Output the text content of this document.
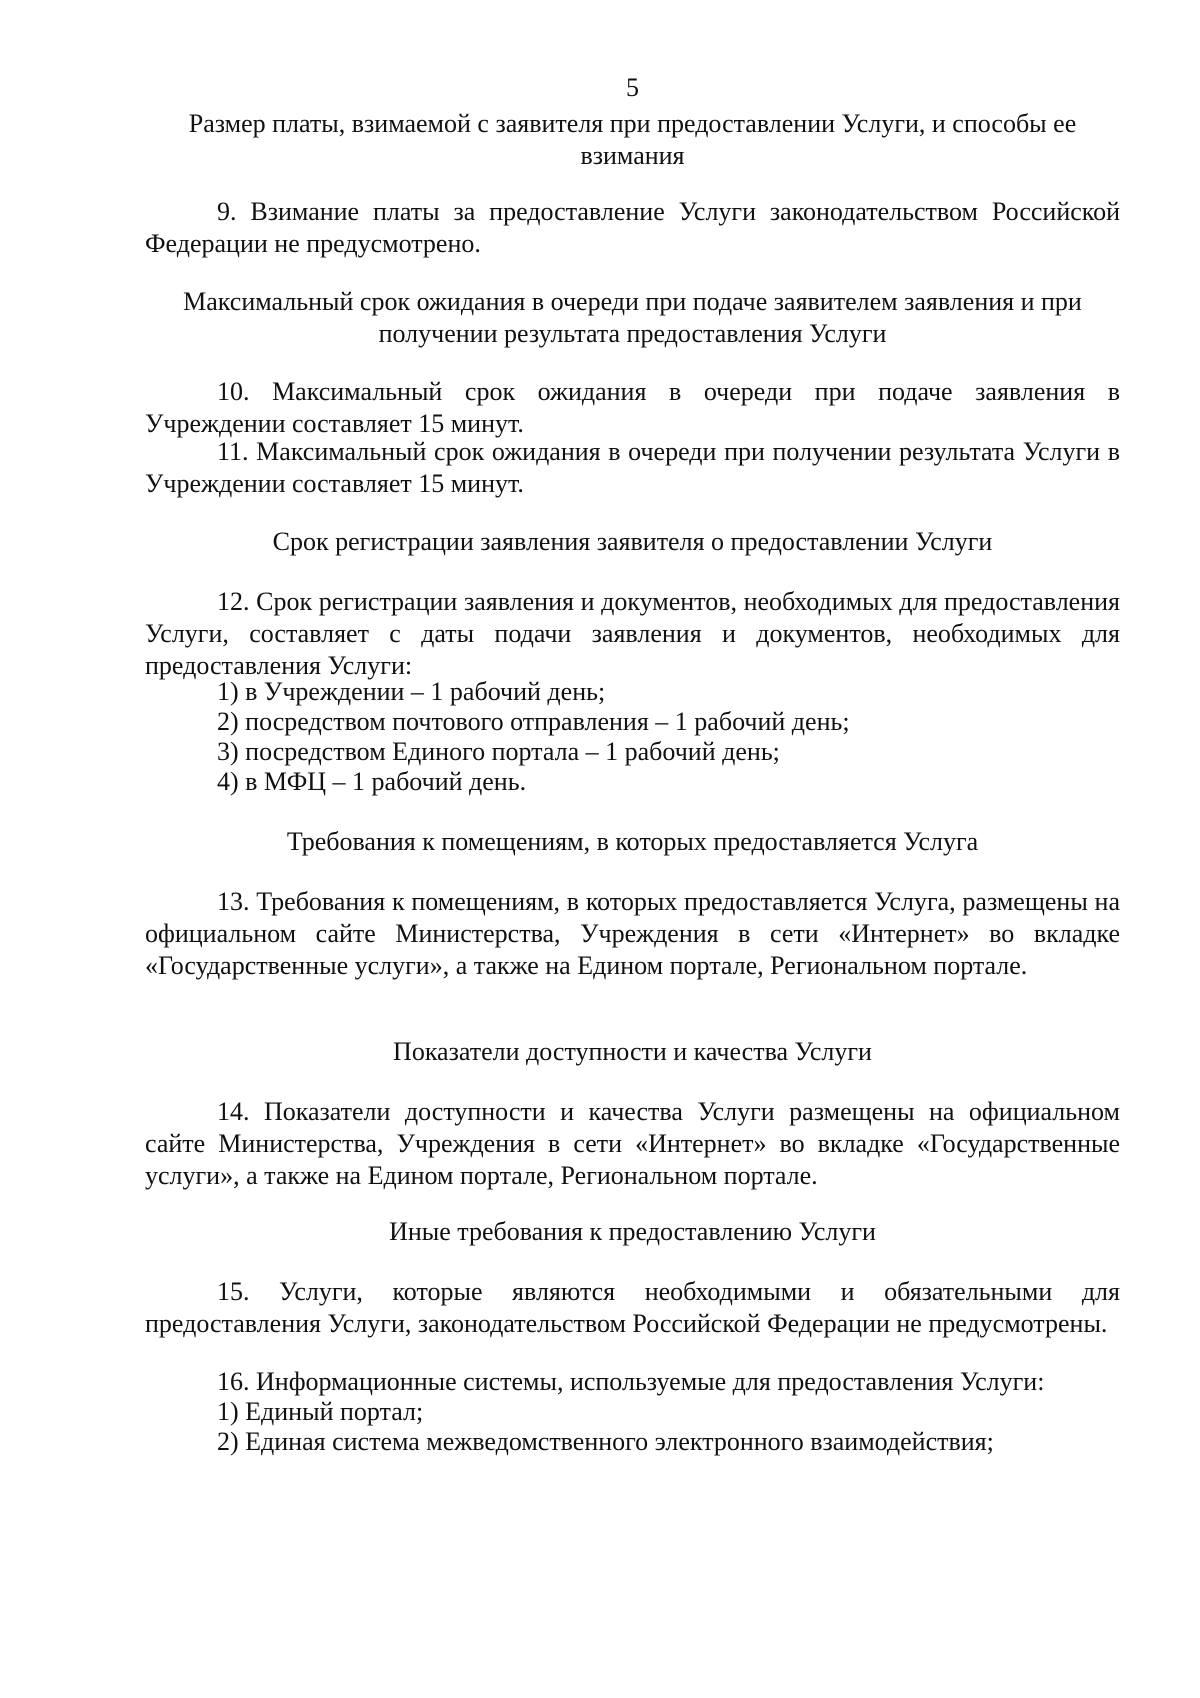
5
Размер платы, взимаемой с заявителя при предоставлении Услуги, и способы ее взимания
9. Взимание платы за предоставление Услуги законодательством Российской Федерации не предусмотрено.
Максимальный срок ожидания в очереди при подаче заявителем заявления и при получении результата предоставления Услуги
10. Максимальный срок ожидания в очереди при подаче заявления в Учреждении составляет 15 минут.
11. Максимальный срок ожидания в очереди при получении результата Услуги в Учреждении составляет 15 минут.
Срок регистрации заявления заявителя о предоставлении Услуги
12. Срок регистрации заявления и документов, необходимых для предоставления Услуги, составляет с даты подачи заявления и документов, необходимых для предоставления Услуги:
1) в Учреждении – 1 рабочий день;
2) посредством почтового отправления – 1 рабочий день;
3) посредством Единого портала – 1 рабочий день;
4) в МФЦ – 1 рабочий день.
Требования к помещениям, в которых предоставляется Услуга
13. Требования к помещениям, в которых предоставляется Услуга, размещены на официальном сайте Министерства, Учреждения в сети «Интернет» во вкладке «Государственные услуги», а также на Едином портале, Региональном портале.
Показатели доступности и качества Услуги
14. Показатели доступности и качества Услуги размещены на официальном сайте Министерства, Учреждения в сети «Интернет» во вкладке «Государственные услуги», а также на Едином портале, Региональном портале.
Иные требования к предоставлению Услуги
15. Услуги, которые являются необходимыми и обязательными для предоставления Услуги, законодательством Российской Федерации не предусмотрены.
16. Информационные системы, используемые для предоставления Услуги:
1) Единый портал;
2) Единая система межведомственного электронного взаимодействия;
